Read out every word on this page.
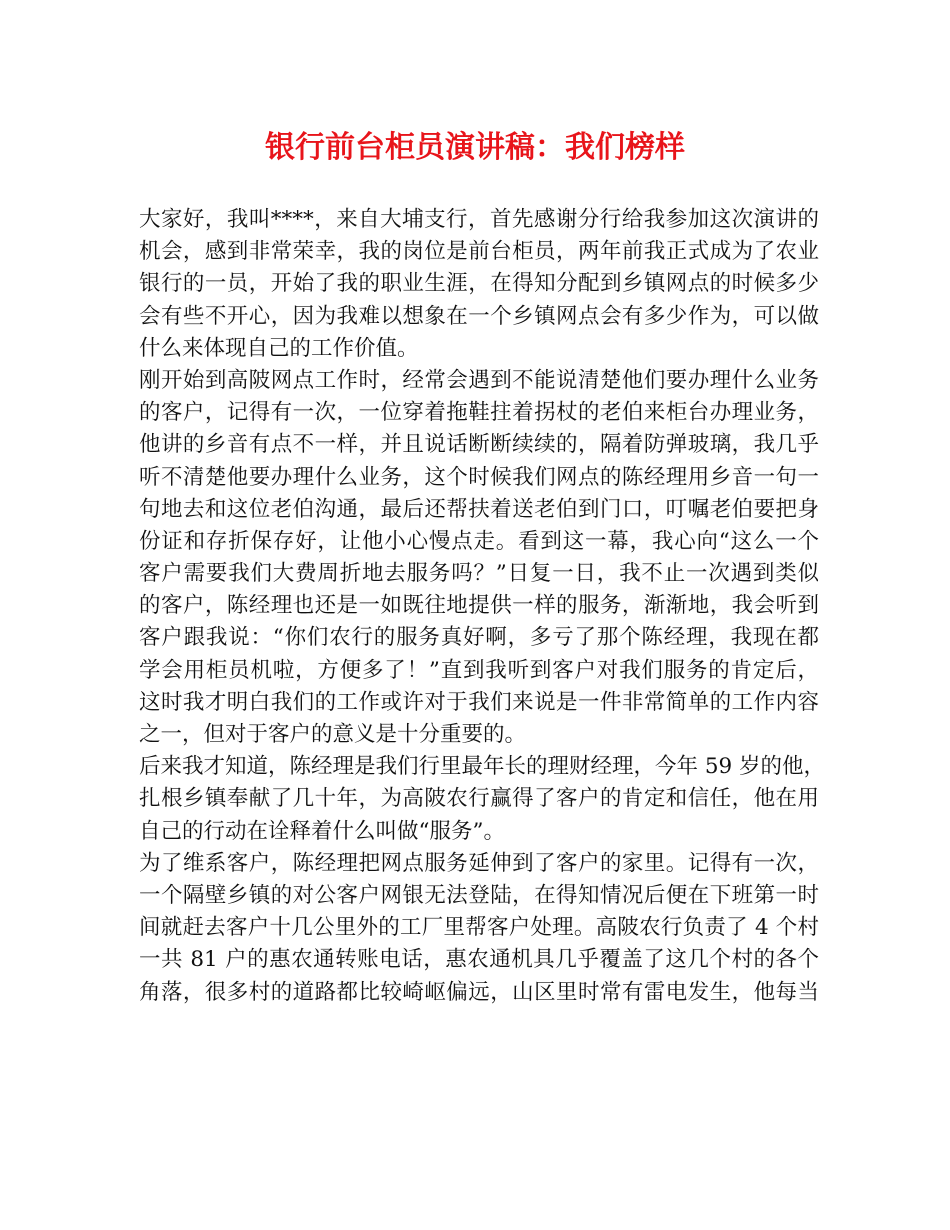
银行前台柜员演讲稿：我们榜样
大家好，我叫****，来自大埔支行，首先感谢分行给我参加这次演讲的
机会，感到非常荣幸，我的岗位是前台柜员，两年前我正式成为了农业
银行的一员，开始了我的职业生涯，在得知分配到乡镇网点的时候多少
会有些不开心，因为我难以想象在一个乡镇网点会有多少作为，可以做
什么来体现自己的工作价值。
刚开始到高陂网点工作时，经常会遇到不能说清楚他们要办理什么业务
的客户，记得有一次，一位穿着拖鞋拄着拐杖的老伯来柜台办理业务，
他讲的乡音有点不一样，并且说话断断续续的，隔着防弹玻璃，我几乎
听不清楚他要办理什么业务，这个时候我们网点的陈经理用乡音一句一
句地去和这位老伯沟通，最后还帮扶着送老伯到门口，叮嘱老伯要把身
份证和存折保存好，让他小心慢点走。看到这一幕，我心向“这么一个
客户需要我们大费周折地去服务吗？”日复一日，我不止一次遇到类似
的客户，陈经理也还是一如既往地提供一样的服务，渐渐地，我会听到
客户跟我说：“你们农行的服务真好啊，多亏了那个陈经理，我现在都
学会用柜员机啦，方便多了！”直到我听到客户对我们服务的肯定后，
这时我才明白我们的工作或许对于我们来说是一件非常简单的工作内容
之一，但对于客户的意义是十分重要的。
后来我才知道，陈经理是我们行里最年长的理财经理，今年 59 岁的他，
扎根乡镇奉献了几十年，为高陂农行赢得了客户的肯定和信任，他在用
自己的行动在诠释着什么叫做“服务”。
为了维系客户，陈经理把网点服务延伸到了客户的家里。记得有一次，
一个隔壁乡镇的对公客户网银无法登陆，在得知情况后便在下班第一时
间就赶去客户十几公里外的工厂里帮客户处理。高陂农行负责了 4 个村
一共 81 户的惠农通转账电话，惠农通机具几乎覆盖了这几个村的各个
角落，很多村的道路都比较崎岖偏远，山区里时常有雷电发生，他每当
